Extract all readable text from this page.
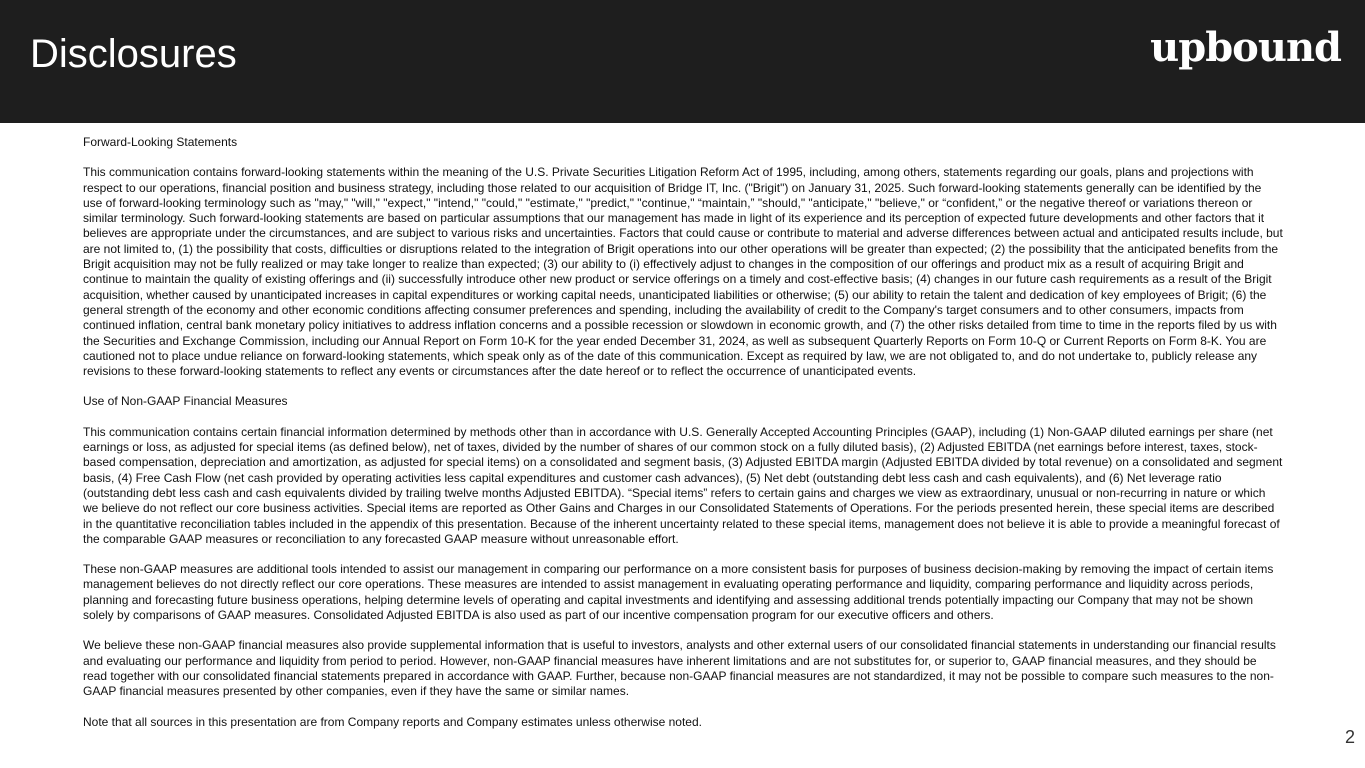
Disclosures	upbound
Forward-Looking Statements

This communication contains forward-looking statements within the meaning of the U.S. Private Securities Litigation Reform Act of 1995, including, among others, statements regarding our goals, plans and projections with respect to our operations, financial position and business strategy, including those related to our acquisition of Bridge IT, Inc. ("Brigit") on January 31, 2025. Such forward-looking statements generally can be identified by the use of forward-looking terminology such as "may," "will," "expect," "intend," "could," "estimate," "predict," "continue," “maintain,” "should," "anticipate," "believe," or “confident,” or the negative thereof or variations thereon or similar terminology. Such forward-looking statements are based on particular assumptions that our management has made in light of its experience and its perception of expected future developments and other factors that it believes are appropriate under the circumstances, and are subject to various risks and uncertainties. Factors that could cause or contribute to material and adverse differences between actual and anticipated results include, but are not limited to, (1) the possibility that costs, difficulties or disruptions related to the integration of Brigit operations into our other operations will be greater than expected; (2) the possibility that the anticipated benefits from the Brigit acquisition may not be fully realized or may take longer to realize than expected; (3) our ability to (i) effectively adjust to changes in the composition of our offerings and product mix as a result of acquiring Brigit and continue to maintain the quality of existing offerings and (ii) successfully introduce other new product or service offerings on a timely and cost-effective basis; (4) changes in our future cash requirements as a result of the Brigit acquisition, whether caused by unanticipated increases in capital expenditures or working capital needs, unanticipated liabilities or otherwise; (5) our ability to retain the talent and dedication of key employees of Brigit; (6) the general strength of the economy and other economic conditions affecting consumer preferences and spending, including the availability of credit to the Company's target consumers and to other consumers, impacts from continued inflation, central bank monetary policy initiatives to address inflation concerns and a possible recession or slowdown in economic growth, and (7) the other risks detailed from time to time in the reports filed by us with the Securities and Exchange Commission, including our Annual Report on Form 10-K for the year ended December 31, 2024, as well as subsequent Quarterly Reports on Form 10-Q or Current Reports on Form 8-K. You are cautioned not to place undue reliance on forward-looking statements, which speak only as of the date of this communication. Except as required by law, we are not obligated to, and do not undertake to, publicly release any revisions to these forward-looking statements to reflect any events or circumstances after the date hereof or to reflect the occurrence of unanticipated events.

Use of Non-GAAP Financial Measures

This communication contains certain financial information determined by methods other than in accordance with U.S. Generally Accepted Accounting Principles (GAAP), including (1) Non-GAAP diluted earnings per share (net earnings or loss, as adjusted for special items (as defined below), net of taxes, divided by the number of shares of our common stock on a fully diluted basis), (2) Adjusted EBITDA (net earnings before interest, taxes, stock-based compensation, depreciation and amortization, as adjusted for special items) on a consolidated and segment basis, (3) Adjusted EBITDA margin (Adjusted EBITDA divided by total revenue) on a consolidated and segment basis, (4) Free Cash Flow (net cash provided by operating activities less capital expenditures and customer cash advances), (5) Net debt (outstanding debt less cash and cash equivalents), and (6) Net leverage ratio (outstanding debt less cash and cash equivalents divided by trailing twelve months Adjusted EBITDA). “Special items” refers to certain gains and charges we view as extraordinary, unusual or non-recurring in nature or which we believe do not reflect our core business activities. Special items are reported as Other Gains and Charges in our Consolidated Statements of Operations. For the periods presented herein, these special items are described in the quantitative reconciliation tables included in the appendix of this presentation. Because of the inherent uncertainty related to these special items, management does not believe it is able to provide a meaningful forecast of the comparable GAAP measures or reconciliation to any forecasted GAAP measure without unreasonable effort.

These non-GAAP measures are additional tools intended to assist our management in comparing our performance on a more consistent basis for purposes of business decision-making by removing the impact of certain items management believes do not directly reflect our core operations. These measures are intended to assist management in evaluating operating performance and liquidity, comparing performance and liquidity across periods, planning and forecasting future business operations, helping determine levels of operating and capital investments and identifying and assessing additional trends potentially impacting our Company that may not be shown solely by comparisons of GAAP measures. Consolidated Adjusted EBITDA is also used as part of our incentive compensation program for our executive officers and others.

We believe these non-GAAP financial measures also provide supplemental information that is useful to investors, analysts and other external users of our consolidated financial statements in understanding our financial results and evaluating our performance and liquidity from period to period. However, non-GAAP financial measures have inherent limitations and are not substitutes for, or superior to, GAAP financial measures, and they should be read together with our consolidated financial statements prepared in accordance with GAAP. Further, because non-GAAP financial measures are not standardized, it may not be possible to compare such measures to the non-GAAP financial measures presented by other companies, even if they have the same or similar names.

Note that all sources in this presentation are from Company reports and Company estimates unless otherwise noted.

2
